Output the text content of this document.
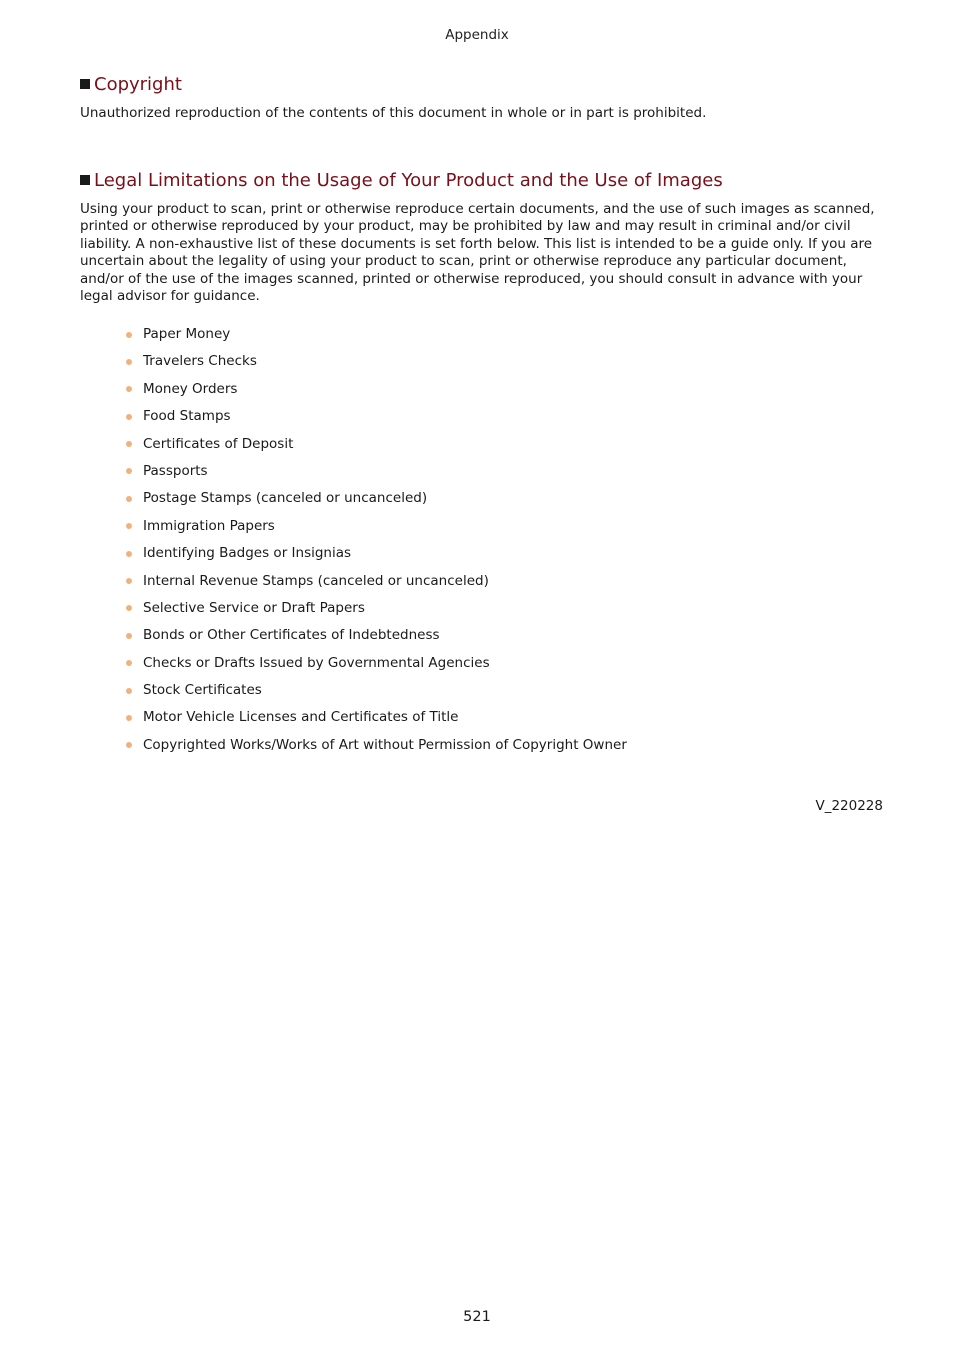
Appendix
Copyright

Unauthorized reproduction of the contents of this document in whole or in part is prohibited.

Legal Limitations on the Usage of Your Product and the Use of Images

Using your product to scan, print or otherwise reproduce certain documents, and the use of such images as scanned, printed or otherwise reproduced by your product, may be prohibited by law and may result in criminal and/or civil liability. A non-exhaustive list of these documents is set forth below. This list is intended to be a guide only. If you are uncertain about the legality of using your product to scan, print or otherwise reproduce any particular document, and/or of the use of the images scanned, printed or otherwise reproduced, you should consult in advance with your legal advisor for guidance.

Paper Money
Travelers Checks
Money Orders
Food Stamps
Certificates of Deposit
Passports
Postage Stamps (canceled or uncanceled)
Immigration Papers
Identifying Badges or Insignias
Internal Revenue Stamps (canceled or uncanceled)
Selective Service or Draft Papers
Bonds or Other Certificates of Indebtedness
Checks or Drafts Issued by Governmental Agencies
Stock Certificates
Motor Vehicle Licenses and Certificates of Title
Copyrighted Works/Works of Art without Permission of Copyright Owner
V_220228
521
